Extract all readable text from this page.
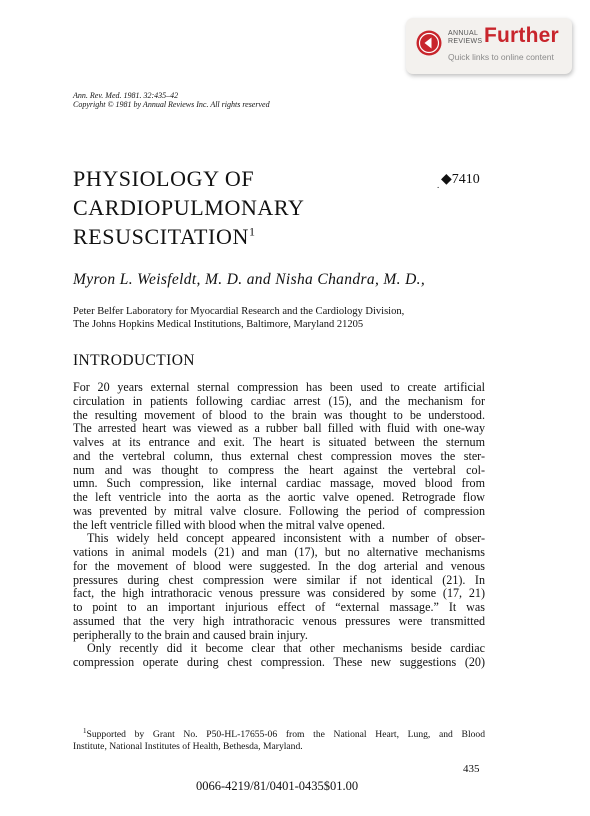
ANNUAL
REVIEWS Further
Quick links to online content
Ann. Rev. Med. 1981. 32:435–42
Copyright © 1981 by Annual Reviews Inc. All rights reserved
PHYSIOLOGY OF
CARDIOPULMONARY
RESUSCITATION$^1$
. ◆7410
Myron L. Weisfeldt, M. D. and Nisha Chandra, M. D.,
Peter Belfer Laboratory for Myocardial Research and the Cardiology Division,
The Johns Hopkins Medical Institutions, Baltimore, Maryland 21205
INTRODUCTION
For 20 years external sternal compression has been used to create artificial
circulation in patients following cardiac arrest (15), and the mechanism for
the resulting movement of blood to the brain was thought to be understood.
The arrested heart was viewed as a rubber ball filled with fluid with one-way
valves at its entrance and exit. The heart is situated between the sternum
and the vertebral column, thus external chest compression moves the ster-
num and was thought to compress the heart against the vertebral col-
umn. Such compression, like internal cardiac massage, moved blood from
the left ventricle into the aorta as the aortic valve opened. Retrograde flow
was prevented by mitral valve closure. Following the period of compression
the left ventricle filled with blood when the mitral valve opened.
This widely held concept appeared inconsistent with a number of obser-
vations in animal models (21) and man (17), but no alternative mechanisms
for the movement of blood were suggested. In the dog arterial and venous
pressures during chest compression were similar if not identical (21). In
fact, the high intrathoracic venous pressure was considered by some (17, 21)
to point to an important injurious effect of “external massage.” It was
assumed that the very high intrathoracic venous pressures were transmitted
peripherally to the brain and caused brain injury.
Only recently did it become clear that other mechanisms beside cardiac
compression operate during chest compression. These new suggestions (20)
$^1$Supported by Grant No. P50-HL-17655-06 from the National Heart, Lung, and Blood
Institute, National Institutes of Health, Bethesda, Maryland.
435
0066-4219/81/0401-0435$01.00
